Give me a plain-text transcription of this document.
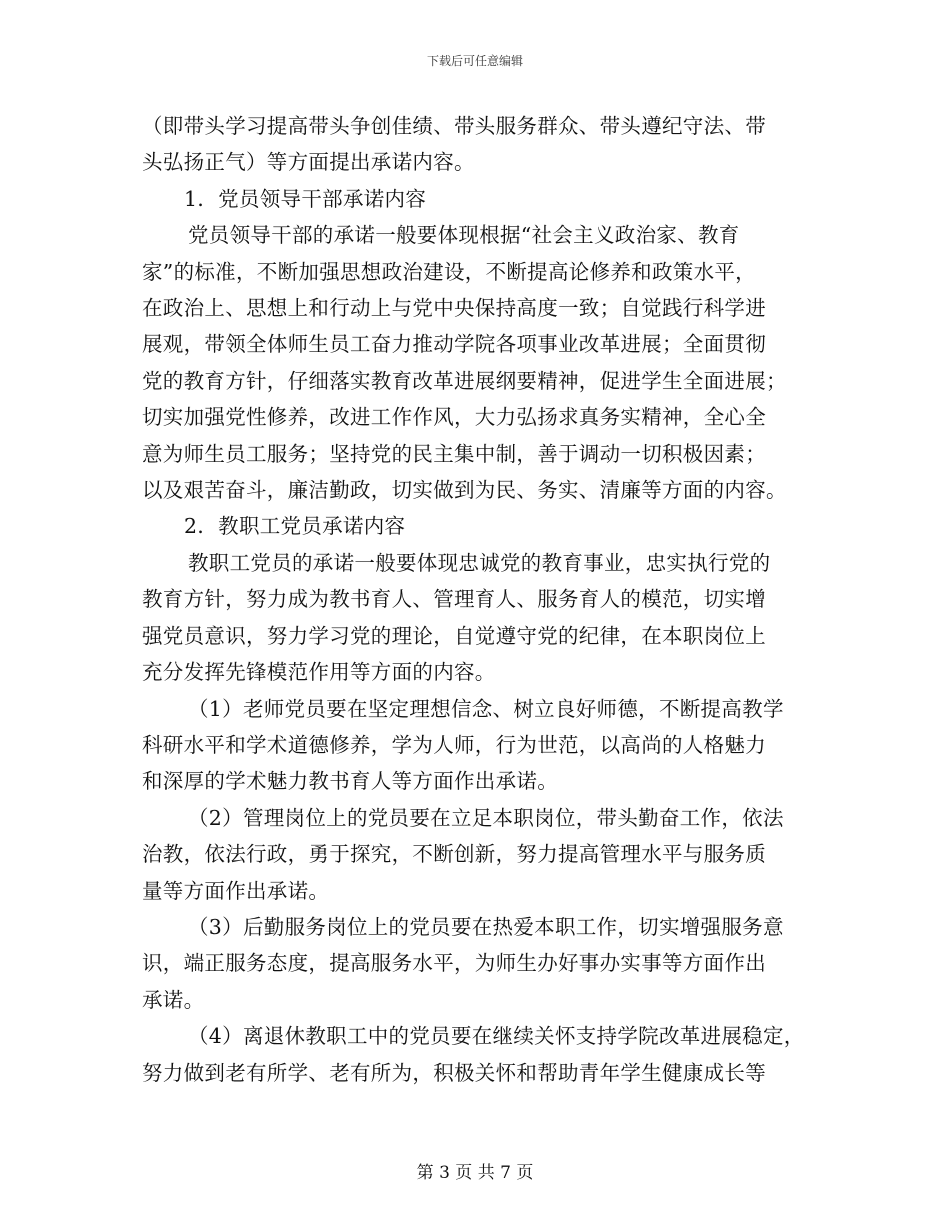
下载后可任意编辑
（即带头学习提高带头争创佳绩、带头服务群众、带头遵纪守法、带
头弘扬正气）等方面提出承诺内容。
1．党员领导干部承诺内容
党员领导干部的承诺一般要体现根据“社会主义政治家、教育
家”的标准，不断加强思想政治建设，不断提高论修养和政策水平，
在政治上、思想上和行动上与党中央保持高度一致；自觉践行科学进
展观，带领全体师生员工奋力推动学院各项事业改革进展；全面贯彻
党的教育方针，仔细落实教育改革进展纲要精神，促进学生全面进展；
切实加强党性修养，改进工作作风，大力弘扬求真务实精神，全心全
意为师生员工服务；坚持党的民主集中制，善于调动一切积极因素；
以及艰苦奋斗，廉洁勤政，切实做到为民、务实、清廉等方面的内容。
2．教职工党员承诺内容
教职工党员的承诺一般要体现忠诚党的教育事业，忠实执行党的
教育方针，努力成为教书育人、管理育人、服务育人的模范，切实增
强党员意识，努力学习党的理论，自觉遵守党的纪律，在本职岗位上
充分发挥先锋模范作用等方面的内容。
（1）老师党员要在坚定理想信念、树立良好师德，不断提高教学
科研水平和学术道德修养，学为人师，行为世范，以高尚的人格魅力
和深厚的学术魅力教书育人等方面作出承诺。
（2）管理岗位上的党员要在立足本职岗位，带头勤奋工作，依法
治教，依法行政，勇于探究，不断创新，努力提高管理水平与服务质
量等方面作出承诺。
（3）后勤服务岗位上的党员要在热爱本职工作，切实增强服务意
识，端正服务态度，提高服务水平，为师生办好事办实事等方面作出
承诺。
（4）离退休教职工中的党员要在继续关怀支持学院改革进展稳定，
努力做到老有所学、老有所为，积极关怀和帮助青年学生健康成长等
第 3 页 共 7 页
